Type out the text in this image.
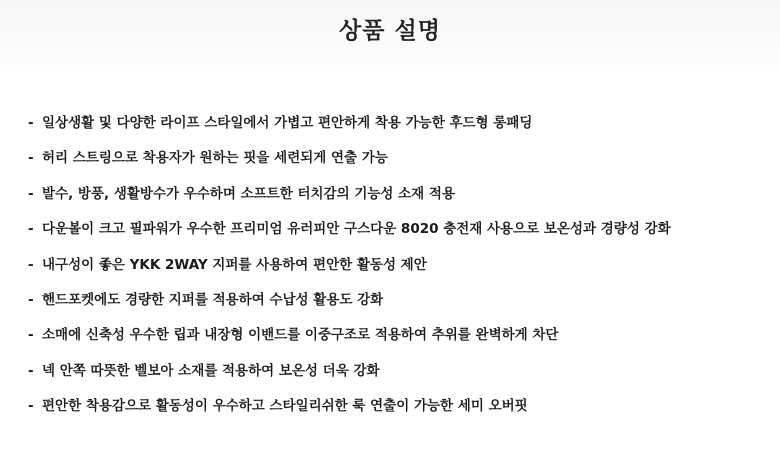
상품 설명
- 일상생활 및 다양한 라이프 스타일에서 가볍고 편안하게 착용 가능한 후드형 롱패딩
- 허리 스트링으로 착용자가 원하는 핏을 세련되게 연출 가능
- 발수, 방풍, 생활방수가 우수하며 소프트한 터치감의 기능성 소재 적용
- 다운볼이 크고 필파워가 우수한 프리미엄 유러피안 구스다운 8020 충전재 사용으로 보온성과 경량성 강화
- 내구성이 좋은 YKK 2WAY 지퍼를 사용하여 편안한 활동성 제안
- 핸드포켓에도 경량한 지퍼를 적용하여 수납성 활용도 강화
- 소매에 신축성 우수한 립과 내장형 이밴드를 이중구조로 적용하여 추위를 완벽하게 차단
- 넥 안쪽 따뜻한 벨보아 소재를 적용하여 보온성 더욱 강화
- 편안한 착용감으로 활동성이 우수하고 스타일리쉬한 룩 연출이 가능한 세미 오버핏
